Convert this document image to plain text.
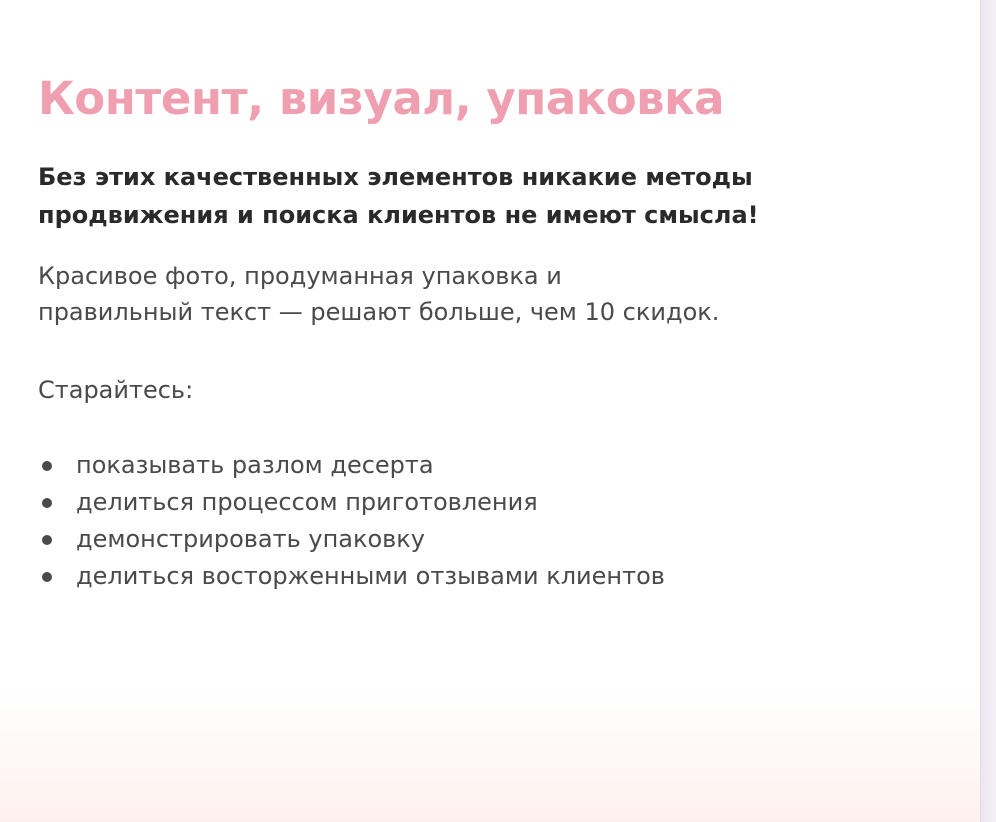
Контент, визуал, упаковка

Без этих качественных элементов никакие методы
продвижения и поиска клиентов не имеют смысла!

Красивое фото, продуманная упаковка и
правильный текст — решают больше, чем 10 скидок.

Старайтесь:

показывать разлом десерта
делиться процессом приготовления
демонстрировать упаковку
делиться восторженными отзывами клиентов
